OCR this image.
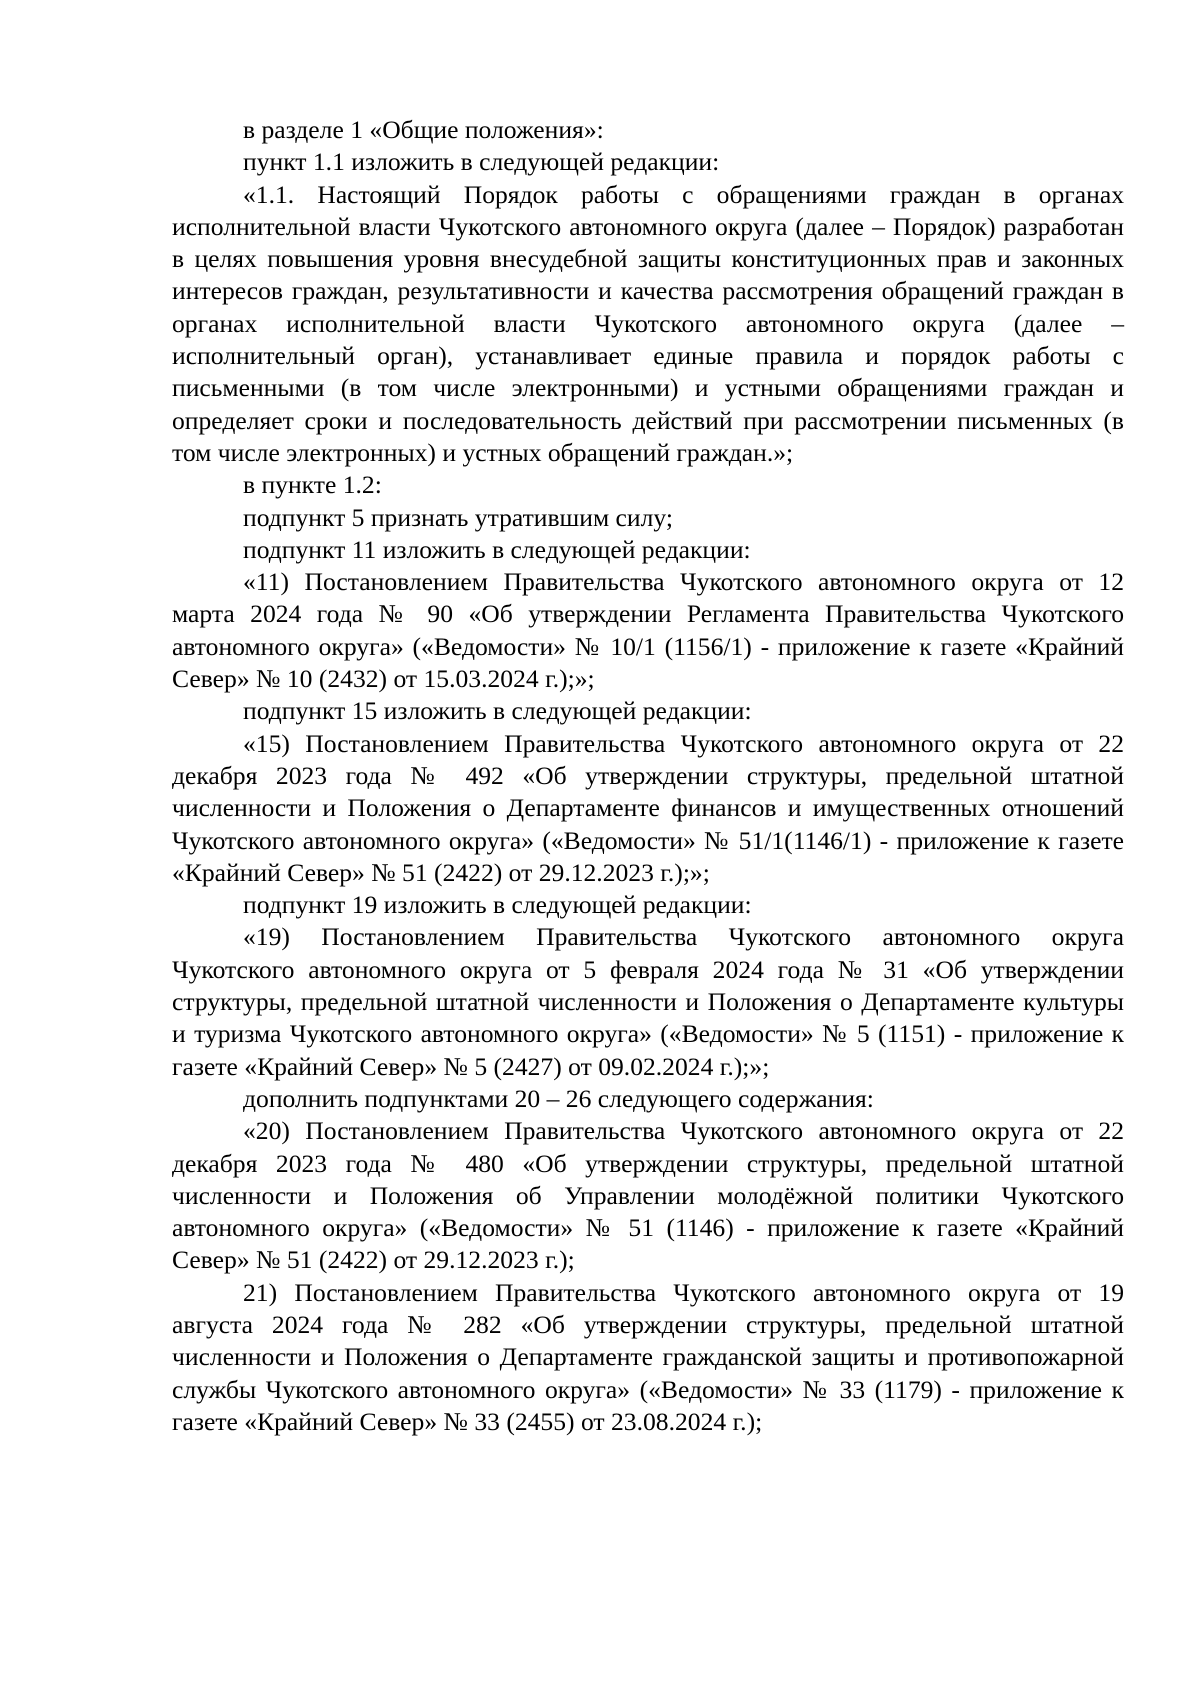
в разделе 1 «Общие положения»:

пункт 1.1 изложить в следующей редакции:

«1.1. Настоящий Порядок работы с обращениями граждан в органах исполнительной власти Чукотского автономного округа (далее – Порядок) разработан в целях повышения уровня внесудебной защиты конституционных прав и законных интересов граждан, результативности и качества рассмотрения обращений граждан в органах исполнительной власти Чукотского автономного округа (далее – исполнительный орган), устанавливает единые правила и порядок работы с письменными (в том числе электронными) и устными обращениями граждан и определяет сроки и последовательность действий при рассмотрении письменных (в том числе электронных) и устных обращений граждан.»;

в пункте 1.2:

подпункт 5 признать утратившим силу;

подпункт 11 изложить в следующей редакции:

«11) Постановлением Правительства Чукотского автономного округа от 12 марта 2024 года № 90 «Об утверждении Регламента Правительства Чукотского автономного округа» («Ведомости» № 10/1 (1156/1) - приложение к газете «Крайний Север» № 10 (2432) от 15.03.2024 г.);»;

подпункт 15 изложить в следующей редакции:

«15) Постановлением Правительства Чукотского автономного округа от 22 декабря 2023 года № 492 «Об утверждении структуры, предельной штатной численности и Положения о Департаменте финансов и имущественных отношений Чукотского автономного округа» («Ведомости» № 51/1(1146/1) - приложение к газете «Крайний Север» № 51 (2422) от 29.12.2023 г.);»;

подпункт 19 изложить в следующей редакции:

«19) Постановлением Правительства Чукотского автономного округа Чукотского автономного округа от 5 февраля 2024 года № 31 «Об утверждении структуры, предельной штатной численности и Положения о Департаменте культуры и туризма Чукотского автономного округа» («Ведомости» № 5 (1151) - приложение к газете «Крайний Север» № 5 (2427) от 09.02.2024 г.);»;

дополнить подпунктами 20 – 26 следующего содержания:

«20) Постановлением Правительства Чукотского автономного округа от 22 декабря 2023 года № 480 «Об утверждении структуры, предельной штатной численности и Положения об Управлении молодёжной политики Чукотского автономного округа» («Ведомости» № 51 (1146) - приложение к газете «Крайний Север» № 51 (2422) от 29.12.2023 г.);

21) Постановлением Правительства Чукотского автономного округа от 19 августа 2024 года № 282 «Об утверждении структуры, предельной штатной численности и Положения о Департаменте гражданской защиты и противопожарной службы Чукотского автономного округа» («Ведомости» № 33 (1179) - приложение к газете «Крайний Север» № 33 (2455) от 23.08.2024 г.);
